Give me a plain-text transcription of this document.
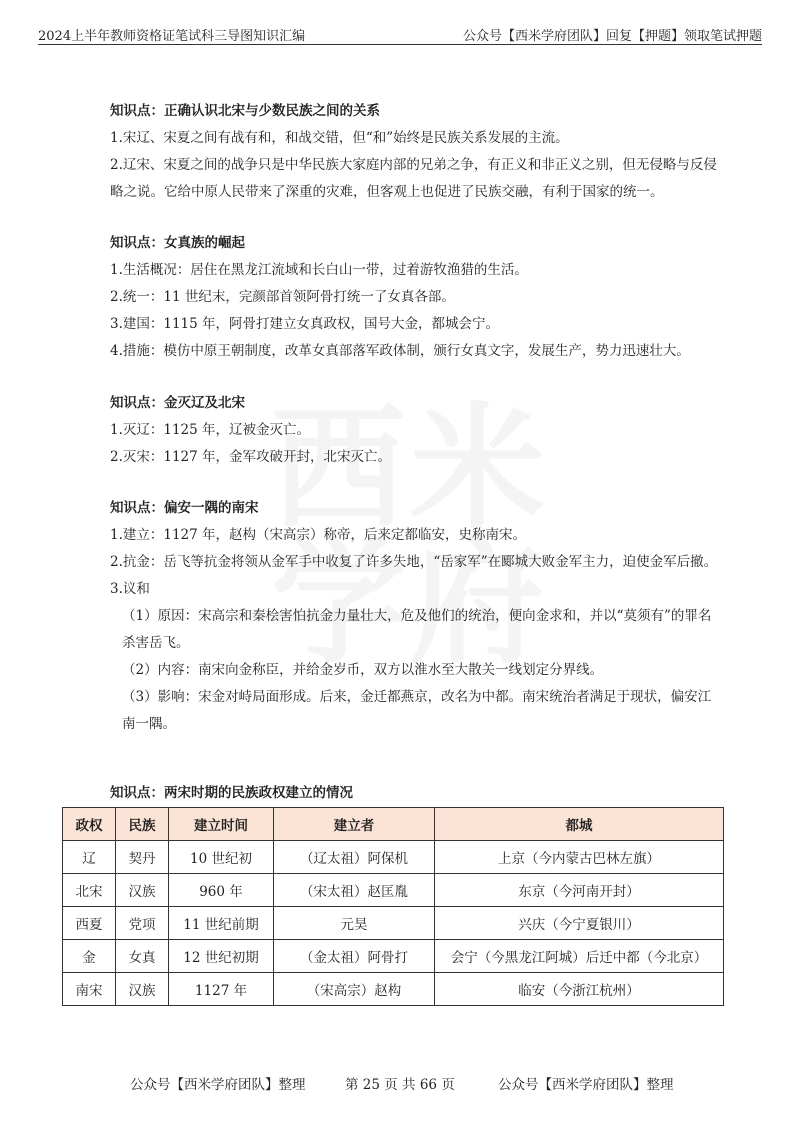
2024上半年教师资格证笔试科三导图知识汇编	公众号【西米学府团队】回复【押题】领取笔试押题
知识点：正确认识北宋与少数民族之间的关系
1.宋辽、宋夏之间有战有和，和战交错，但“和”始终是民族关系发展的主流。
2.辽宋、宋夏之间的战争只是中华民族大家庭内部的兄弟之争，有正义和非正义之别，但无侵略与反侵略之说。它给中原人民带来了深重的灾难，但客观上也促进了民族交融，有利于国家的统一。
知识点：女真族的崛起
1.生活概况：居住在黑龙江流域和长白山一带，过着游牧渔猎的生活。
2.统一：11 世纪末，完颜部首领阿骨打统一了女真各部。
3.建国：1115 年，阿骨打建立女真政权，国号大金，都城会宁。
4.措施：模仿中原王朝制度，改革女真部落军政体制，颁行女真文字，发展生产，势力迅速壮大。
知识点：金灭辽及北宋
1.灭辽：1125 年，辽被金灭亡。
2.灭宋：1127 年，金军攻破开封，北宋灭亡。
知识点：偏安一隅的南宋
1.建立：1127 年，赵构（宋高宗）称帝，后来定都临安，史称南宋。
2.抗金：岳飞等抗金将领从金军手中收复了许多失地，“岳家军”在郾城大败金军主力，迫使金军后撤。
3.议和
（1）原因：宋高宗和秦桧害怕抗金力量壮大，危及他们的统治，便向金求和，并以“莫须有”的罪名杀害岳飞。
（2）内容：南宋向金称臣，并给金岁币，双方以淮水至大散关一线划定分界线。
（3）影响：宋金对峙局面形成。后来，金迁都燕京，改名为中都。南宋统治者满足于现状，偏安江南一隅。
知识点：两宋时期的民族政权建立的情况
政权	民族	建立时间	建立者	都城
辽	契丹	10 世纪初	（辽太祖）阿保机	上京（今内蒙古巴林左旗）
北宋	汉族	960 年	（宋太祖）赵匡胤	东京（今河南开封）
西夏	党项	11 世纪前期	元昊	兴庆（今宁夏银川）
金	女真	12 世纪初期	（金太祖）阿骨打	会宁（今黑龙江阿城）后迁中都（今北京）
南宋	汉族	1127 年	（宋高宗）赵构	临安（今浙江杭州）
公众号【西米学府团队】整理	第 25 页 共 66 页	公众号【西米学府团队】整理
